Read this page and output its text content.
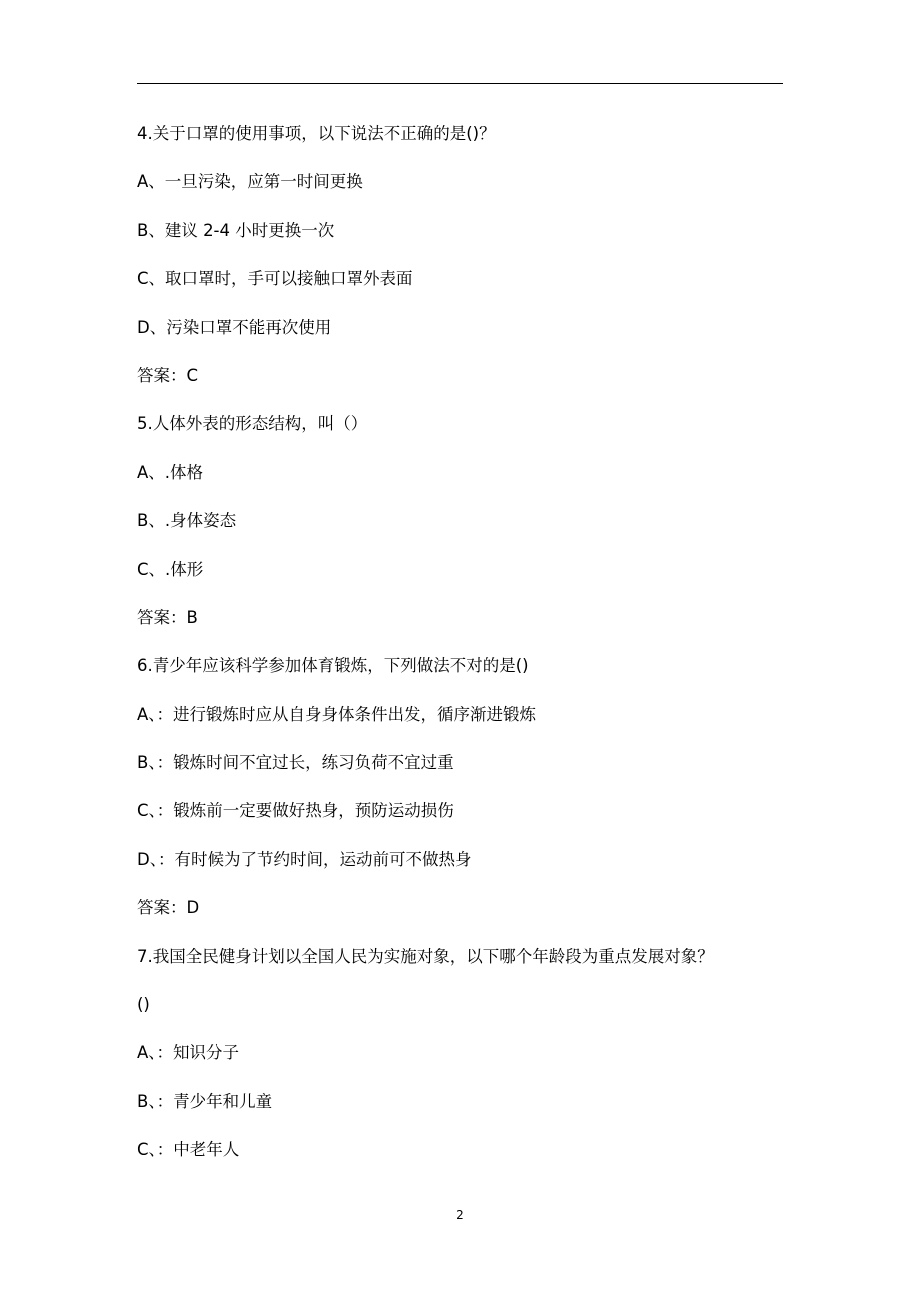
4.关于口罩的使用事项，以下说法不正确的是()？

A、一旦污染，应第一时间更换

B、建议 2-4 小时更换一次

C、取口罩时，手可以接触口罩外表面

D、污染口罩不能再次使用

答案：C

5.人体外表的形态结构，叫（）

A、.体格

B、.身体姿态

C、.体形

答案：B

6.青少年应该科学参加体育锻炼，下列做法不对的是()

A、：进行锻炼时应从自身身体条件出发，循序渐进锻炼

B、：锻炼时间不宜过长，练习负荷不宜过重

C、：锻炼前一定要做好热身，预防运动损伤

D、：有时候为了节约时间，运动前可不做热身

答案：D

7.我国全民健身计划以全国人民为实施对象，以下哪个年龄段为重点发展对象？

()

A、：知识分子

B、：青少年和儿童

C、：中老年人

2
